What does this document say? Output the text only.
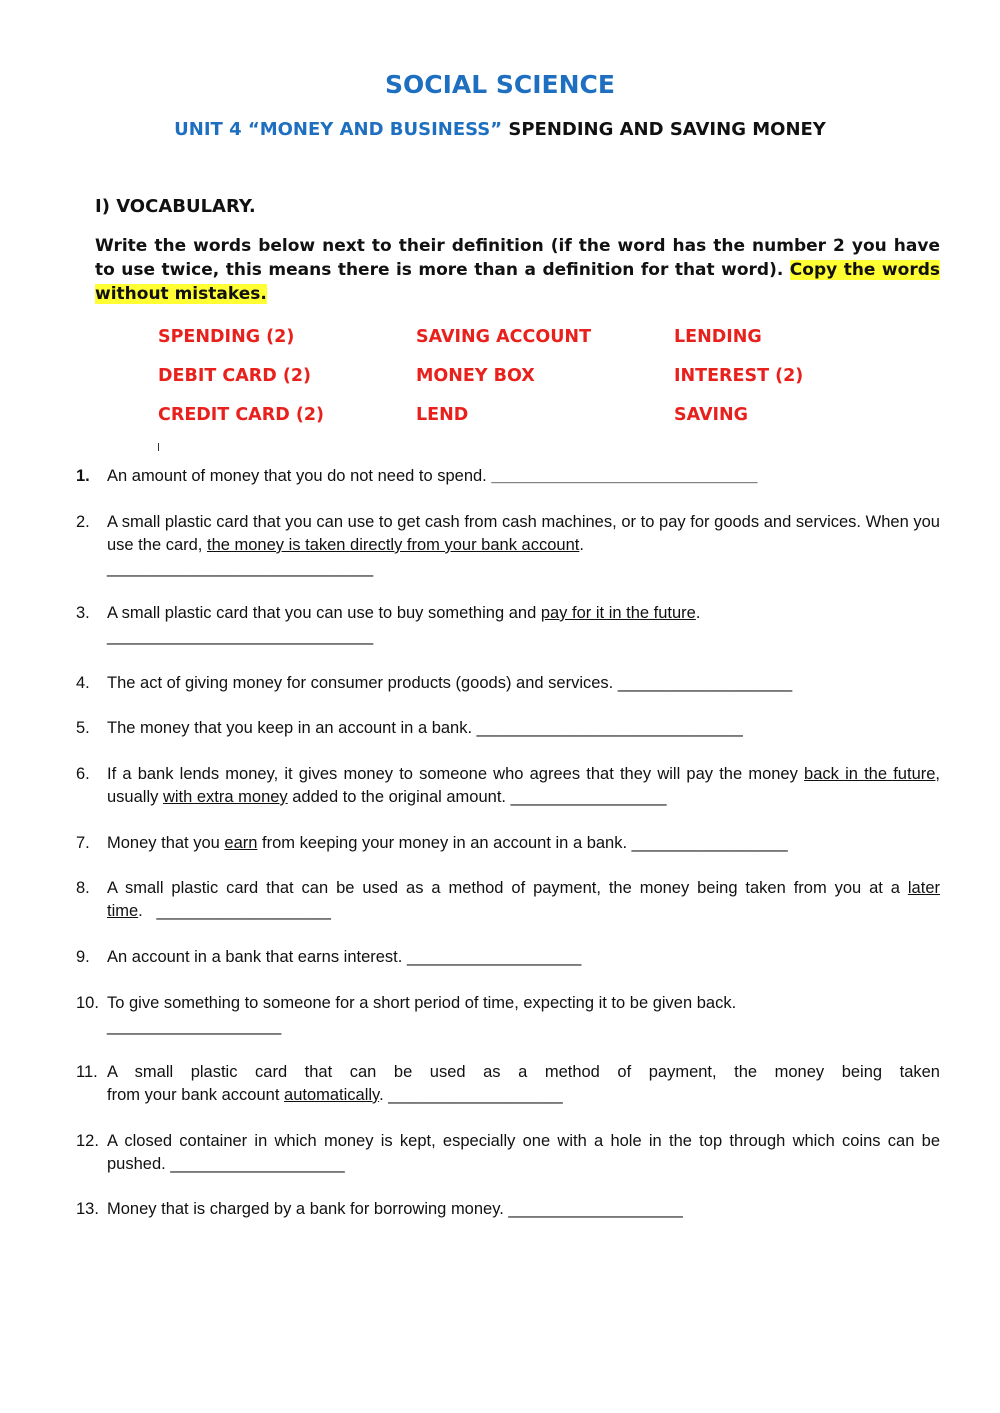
SOCIAL SCIENCE
UNIT 4 “MONEY AND BUSINESS” SPENDING AND SAVING MONEY
I) VOCABULARY.
Write the words below next to their definition (if the word has the number 2 you have to use twice, this means there is more than a definition for that word). Copy the words without mistakes.
SPENDING (2)	SAVING ACCOUNT	LENDING
DEBIT CARD (2)	MONEY BOX	INTEREST (2)
CREDIT CARD (2)	LEND	SAVING
1.	An amount of money that you do not need to spend. _____________________________
2.	A small plastic card that you can use to get cash from cash machines, or to pay for goods and services. When you use the card, the money is taken directly from your bank account.
_____________________________
3.	A small plastic card that you can use to buy something and pay for it in the future.
_____________________________
4.	The act of giving money for consumer products (goods) and services. ___________________
5.	The money that you keep in an account in a bank. _____________________________
6.	If a bank lends money, it gives money to someone who agrees that they will pay the money back in the future, usually with extra money added to the original amount. _________________
7.	Money that you earn from keeping your money in an account in a bank. _________________
8.	A small plastic card that can be used as a method of payment, the money being taken from you at a later time.   ___________________
9.	An account in a bank that earns interest. ___________________
10. To give something to someone for a short period of time, expecting it to be given back.
___________________
11. A small plastic card that can be used as a method of payment, the money being taken
from your bank account automatically. ___________________
12. A closed container in which money is kept, especially one with a hole in the top through which coins can be pushed. ___________________
13. Money that is charged by a bank for borrowing money. ___________________
